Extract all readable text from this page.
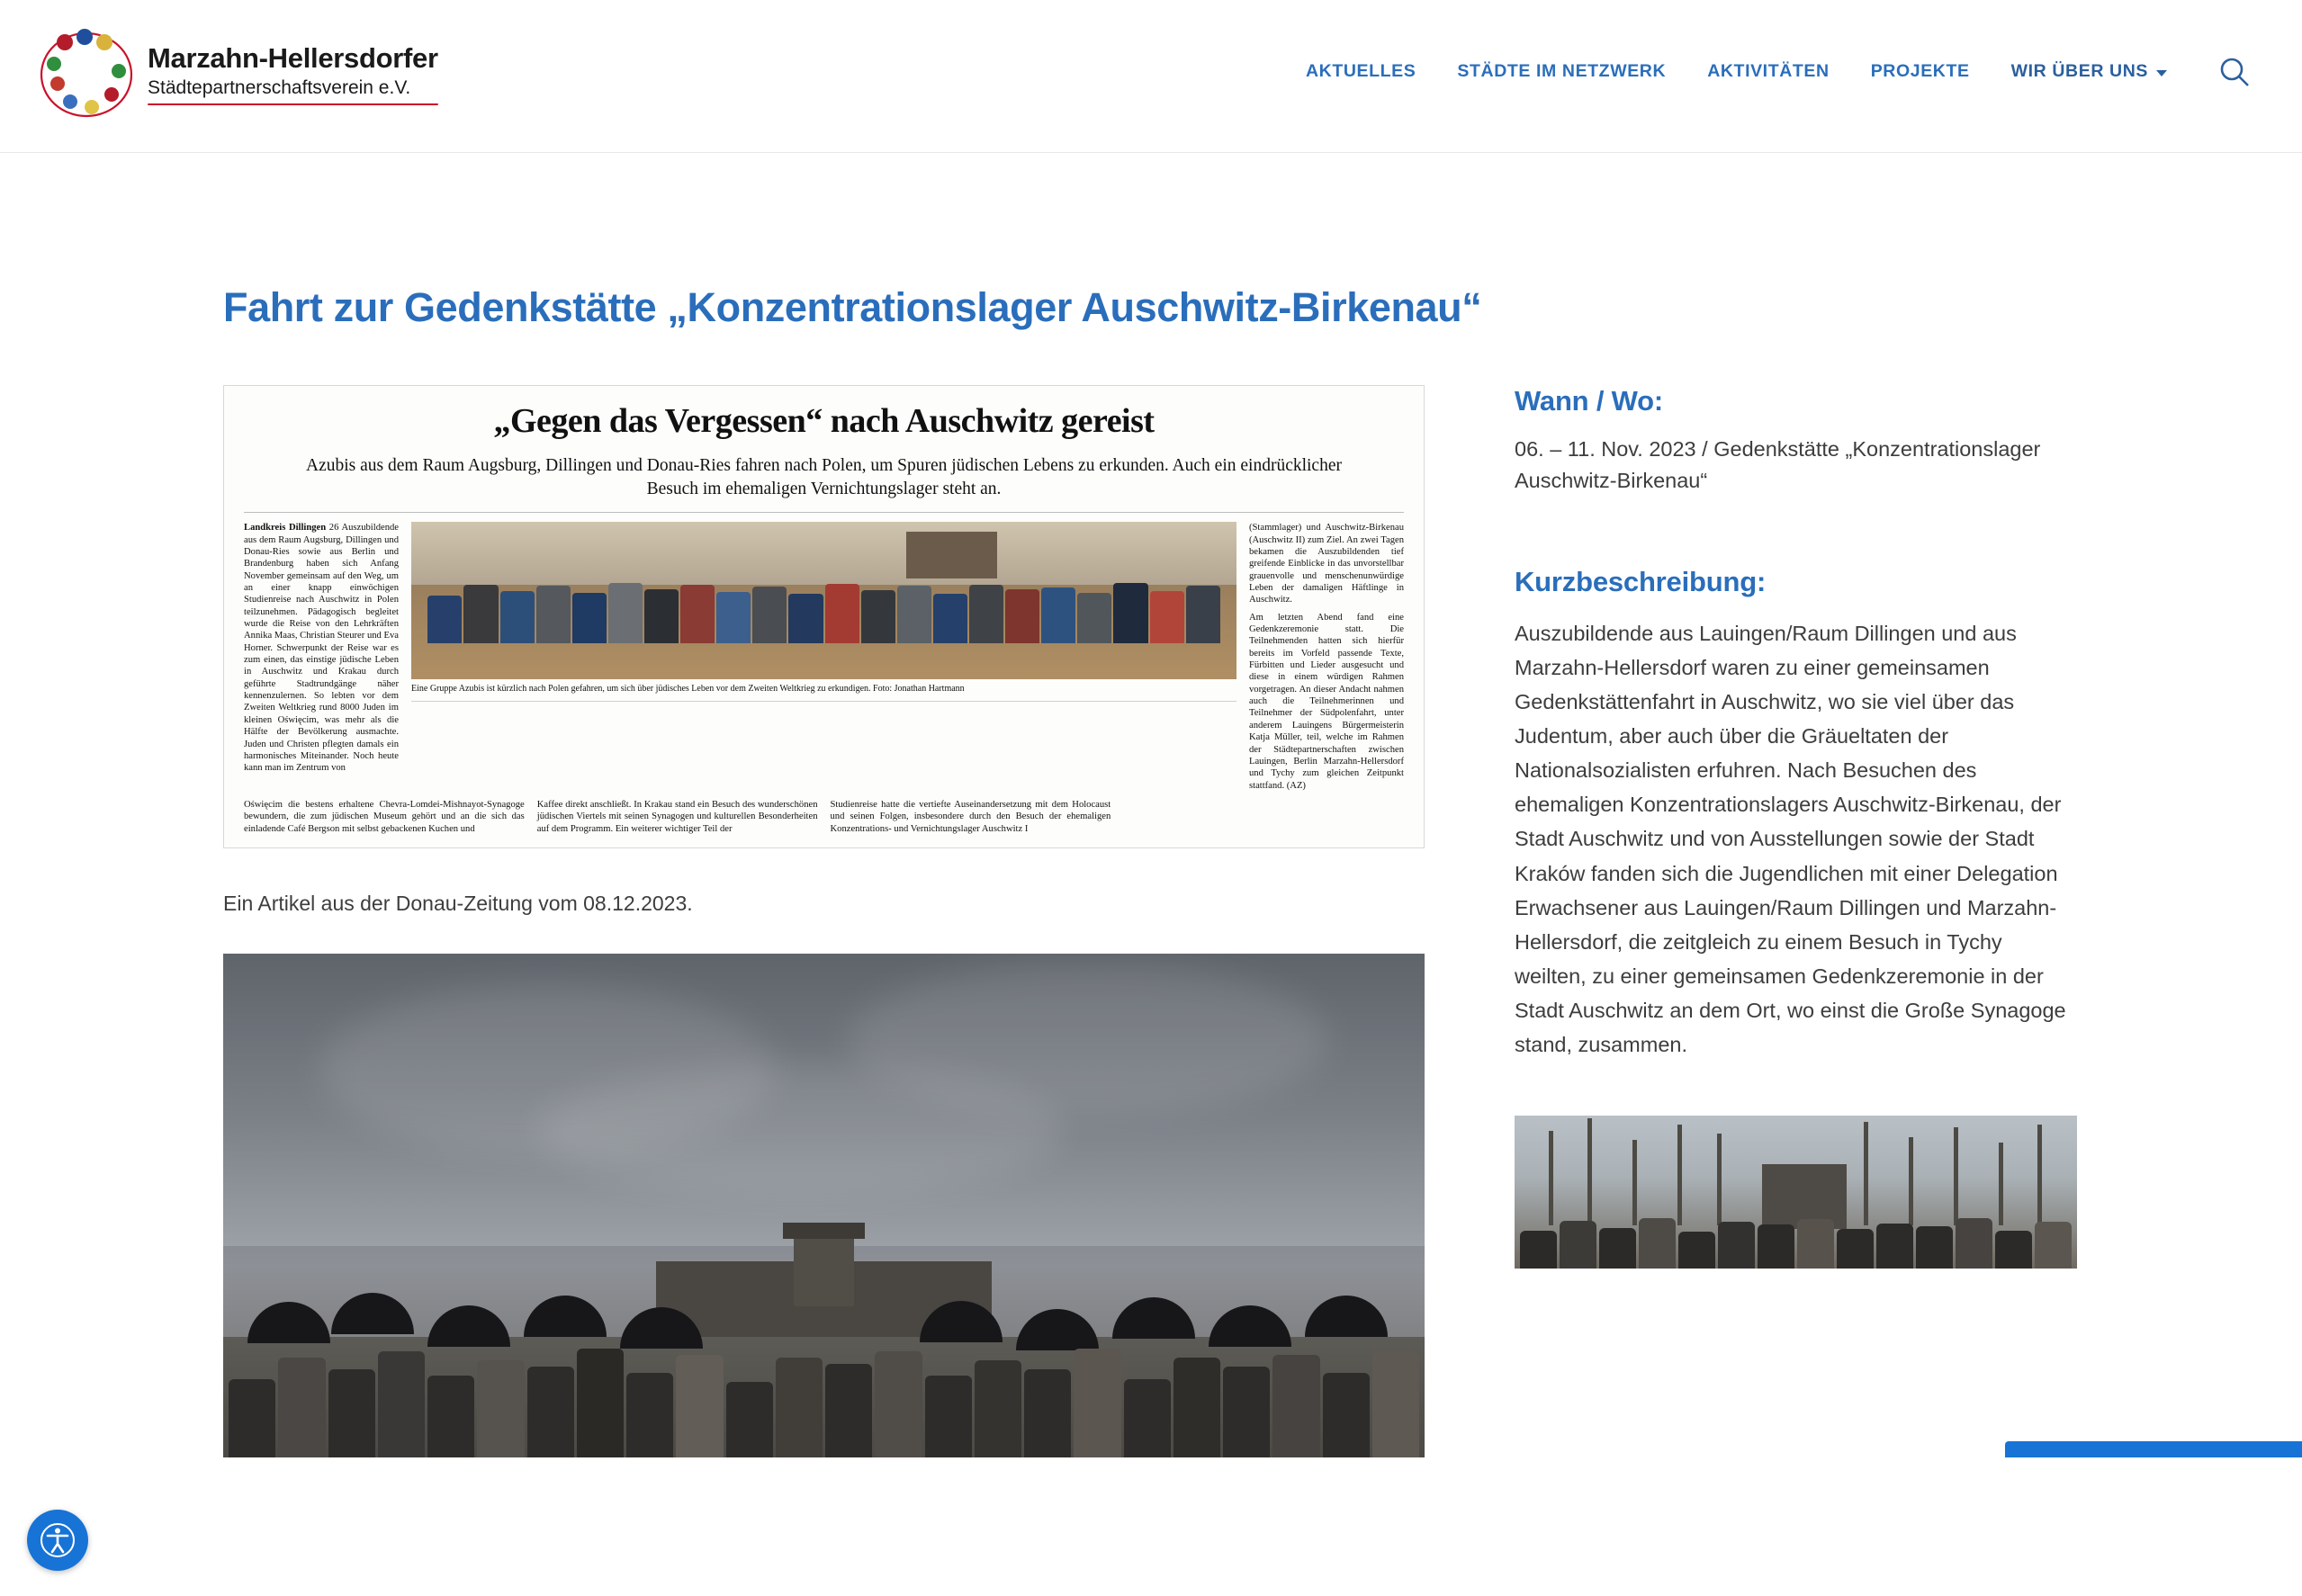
Marzahn-Hellersdorfer
Städtepartnerschaftsverein e.V.
AKTUELLES STÄDTE IM NETZWERK AKTIVITÄTEN PROJEKTE WIR ÜBER UNS
Fahrt zur Gedenkstätte „Konzentrationslager Auschwitz-Birkenau“
„Gegen das Vergessen“ nach Auschwitz gereist
Azubis aus dem Raum Augsburg, Dillingen und Donau-Ries fahren nach Polen, um Spuren jüdischen Lebens zu erkunden. Auch ein eindrücklicher Besuch im ehemaligen Vernichtungslager steht an.
Landkreis Dillingen 26 Auszubildende aus dem Raum Augsburg, Dillingen und Donau-Ries sowie aus Berlin und Brandenburg haben sich Anfang November gemeinsam auf den Weg, um an einer knapp einwöchigen Studienreise nach Auschwitz in Polen teilzunehmen. Pädagogisch begleitet wurde die Reise von den Lehrkräften Annika Maas, Christian Steurer und Eva Horner. Schwerpunkt der Reise war es zum einen, das einstige jüdische Leben in Auschwitz und Krakau durch geführte Stadtrundgänge näher kennenzulernen. So lebten vor dem Zweiten Weltkrieg rund 8000 Juden im kleinen Oświęcim, was mehr als die Hälfte der Bevölkerung ausmachte. Juden und Christen pflegten damals ein harmonisches Miteinander. Noch heute kann man im Zentrum von
Eine Gruppe Azubis ist kürzlich nach Polen gefahren, um sich über jüdisches Leben vor dem Zweiten Weltkrieg zu erkundigen. Foto: Jonathan Hartmann
(Stammlager) und Auschwitz-Birkenau (Auschwitz II) zum Ziel. An zwei Tagen bekamen die Auszubildenden tief greifende Einblicke in das unvorstellbar grauenvolle und menschenunwürdige Leben der damaligen Häftlinge in Auschwitz.
Am letzten Abend fand eine Gedenkzeremonie statt. Die Teilnehmenden hatten sich hierfür bereits im Vorfeld passende Texte, Fürbitten und Lieder ausgesucht und diese in einem würdigen Rahmen vorgetragen. An dieser Andacht nahmen auch die Teilnehmerinnen und Teilnehmer der Südpolenfahrt, unter anderem Lauingens Bürgermeisterin Katja Müller, teil, welche im Rahmen der Städtepartnerschaften zwischen Lauingen, Berlin Marzahn-Hellersdorf und Tychy zum gleichen Zeitpunkt stattfand. (AZ)
Oświęcim die bestens erhaltene Chevra-Lomdei-Mishnayot-Synagoge bewundern, die zum jüdischen Museum gehört und an die sich das einladende Café Bergson mit selbst gebackenen Kuchen und
Kaffee direkt anschließt. In Krakau stand ein Besuch des wunderschönen jüdischen Viertels mit seinen Synagogen und kulturellen Besonderheiten auf dem Programm. Ein weiterer wichtiger Teil der
Studienreise hatte die vertiefte Auseinandersetzung mit dem Holocaust und seinen Folgen, insbesondere durch den Besuch der ehemaligen Konzentrations- und Vernichtungslager Auschwitz I

Ein Artikel aus der Donau-Zeitung vom 08.12.2023.

Wann / Wo:

06. – 11. Nov. 2023 / Gedenkstätte „Konzentrationslager Auschwitz-Birkenau“

Kurzbeschreibung:

Auszubildende aus Lauingen/Raum Dillingen und aus Marzahn-Hellersdorf waren zu einer gemeinsamen Gedenkstättenfahrt in Auschwitz, wo sie viel über das Judentum, aber auch über die Gräueltaten der Nationalsozialisten erfuhren. Nach Besuchen des ehemaligen Konzentrationslagers Auschwitz-Birkenau, der Stadt Auschwitz und von Ausstellungen sowie der Stadt Kraków fanden sich die Jugendlichen mit einer Delegation Erwachsener aus Lauingen/Raum Dillingen und Marzahn-Hellersdorf, die zeitgleich zu einem Besuch in Tychy weilten, zu einer gemeinsamen Gedenkzeremonie in der Stadt Auschwitz an dem Ort, wo einst die Große Synagoge stand, zusammen.
